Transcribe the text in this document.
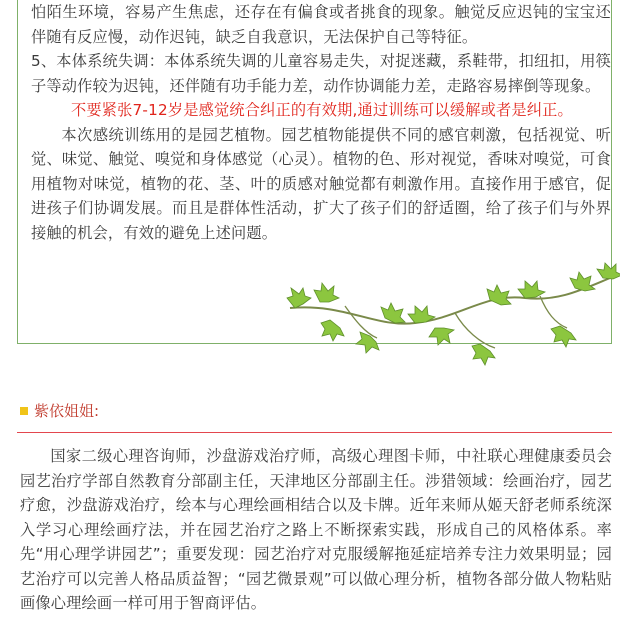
怕陌生环境，容易产生焦虑，还存在有偏食或者挑食的现象。触觉反应迟钝的宝宝还伴随有反应慢，动作迟钝，缺乏自我意识，无法保护自己等特征。

5、本体系统失调：本体系统失调的儿童容易走失，对捉迷藏，系鞋带，扣纽扣，用筷子等动作较为迟钝，还伴随有功手能力差，动作协调能力差，走路容易摔倒等现象。

不要紧张7-12岁是感觉统合纠正的有效期,通过训练可以缓解或者是纠正。

本次感统训练用的是园艺植物。园艺植物能提供不同的感官刺激，包括视觉、听觉、味觉、触觉、嗅觉和身体感觉（心灵）。植物的色、形对视觉，香味对嗅觉，可食用植物对味觉，植物的花、茎、叶的质感对触觉都有刺激作用。直接作用于感官，促进孩子们协调发展。而且是群体性活动，扩大了孩子们的舒适圈，给了孩子们与外界接触的机会，有效的避免上述问题。

紫依姐姐:

国家二级心理咨询师，沙盘游戏治疗师，高级心理图卡师，中社联心理健康委员会园艺治疗学部自然教育分部副主任，天津地区分部副主任。涉猎领域：绘画治疗，园艺疗愈，沙盘游戏治疗，绘本与心理绘画相结合以及卡牌。近年来师从姬天舒老师系统深入学习心理绘画疗法，并在园艺治疗之路上不断探索实践，形成自己的风格体系。率先“用心理学讲园艺”；重要发现：园艺治疗对克服缓解拖延症培养专注力效果明显；园艺治疗可以完善人格品质益智；“园艺微景观”可以做心理分析，植物各部分做人物粘贴画像心理绘画一样可用于智商评估。
